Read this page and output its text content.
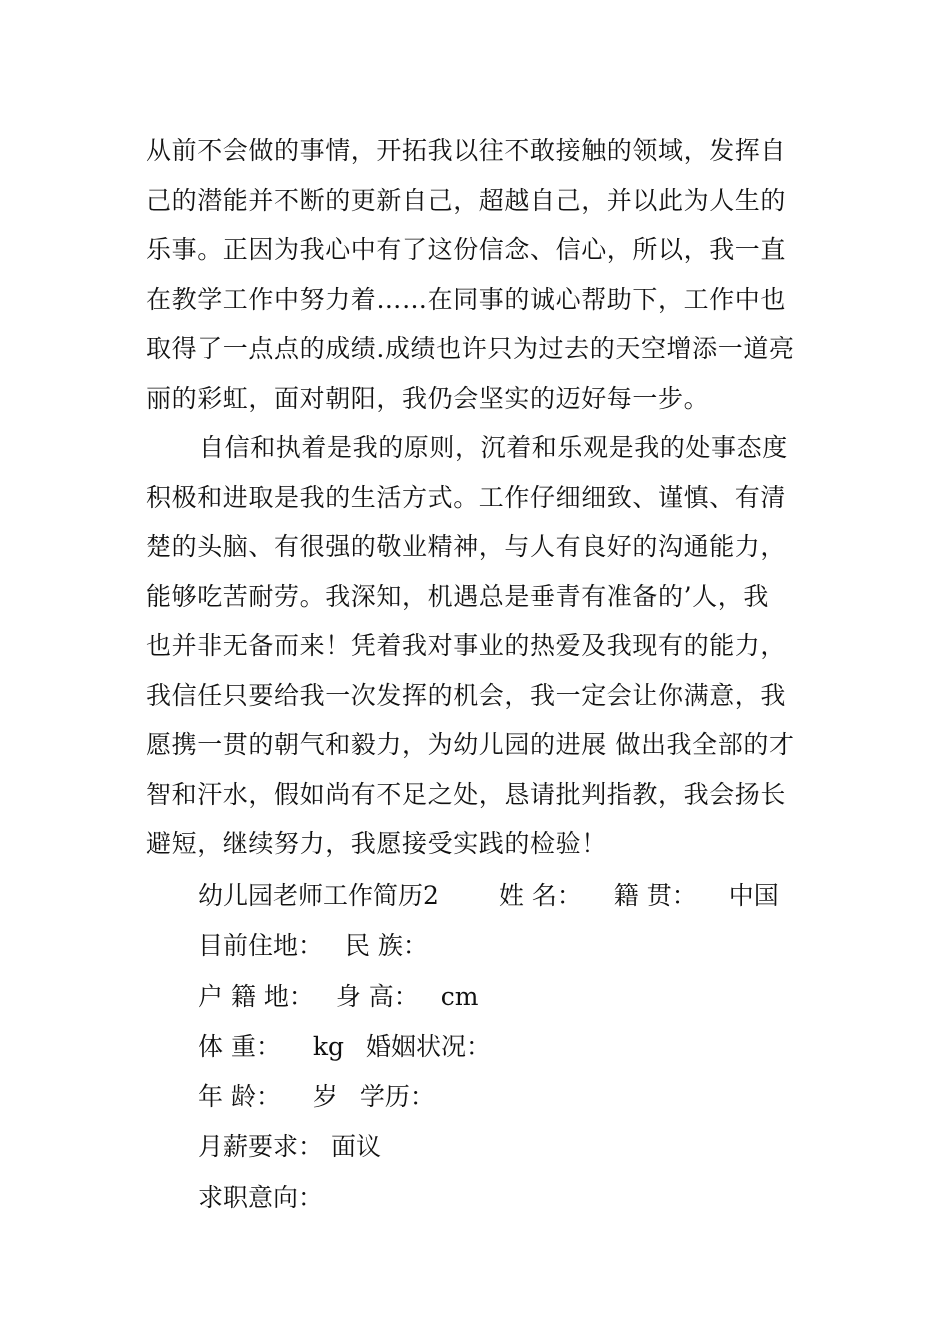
从前不会做的事情，开拓我以往不敢接触的领域，发挥自
己的潜能并不断的更新自己，超越自己，并以此为人生的
乐事。正因为我心中有了这份信念、信心，所以，我一直
在教学工作中努力着……在同事的诚心帮助下，工作中也
取得了一点点的成绩.成绩也许只为过去的天空增添一道亮
丽的彩虹，面对朝阳，我仍会坚实的迈好每一步。
自信和执着是我的原则，沉着和乐观是我的处事态度
积极和进取是我的生活方式。工作仔细细致、谨慎、有清
楚的头脑、有很强的敬业精神，与人有良好的沟通能力，
能够吃苦耐劳。我深知，机遇总是垂青有准备的’人，我
也并非无备而来！凭着我对事业的热爱及我现有的能力，
我信任只要给我一次发挥的机会，我一定会让你满意，我
愿携一贯的朝气和毅力，为幼儿园的进展 做出我全部的才
智和汗水，假如尚有不足之处，恳请批判指教，我会扬长
避短，继续努力，我愿接受实践的检验！
幼儿园老师工作简历2 姓 名： 籍 贯： 中国
目前住地： 民 族：
户 籍 地： 身 高： cm
体 重： kg 婚姻状况：
年 龄： 岁 学历：
月薪要求： 面议
求职意向：
